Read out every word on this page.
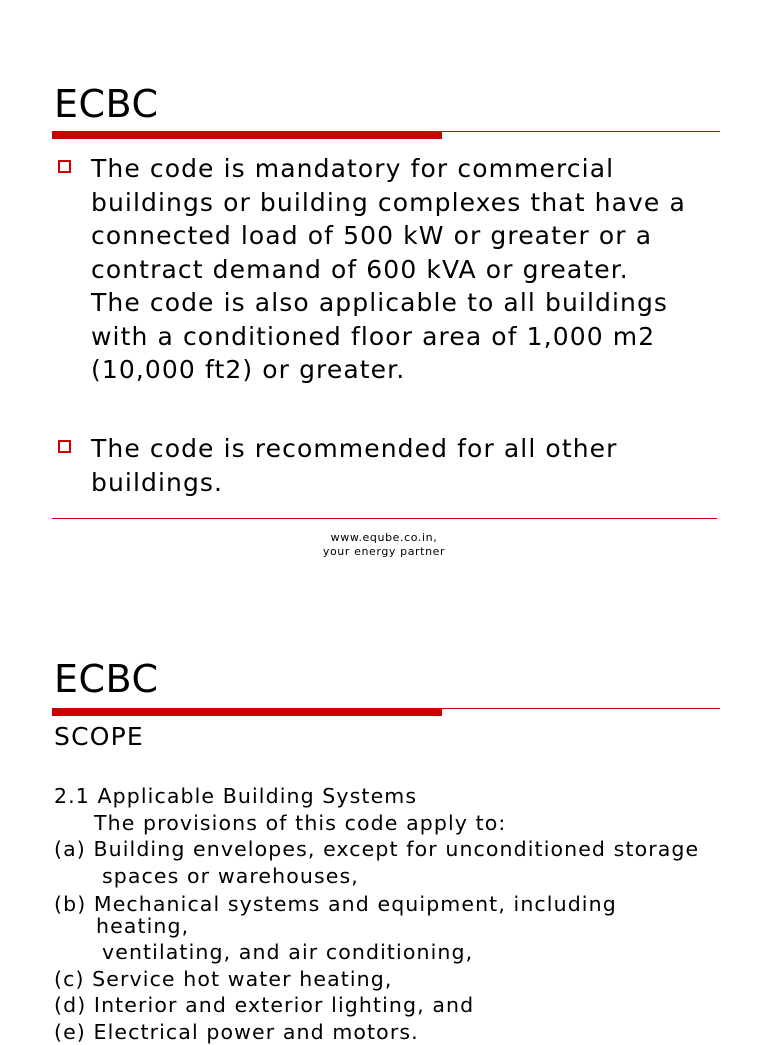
ECBC
The code is mandatory for commercial
buildings or building complexes that have a
connected load of 500 kW or greater or a
contract demand of 600 kVA or greater.
The code is also applicable to all buildings
with a conditioned floor area of 1,000 m2
(10,000 ft2) or greater.
The code is recommended for all other
buildings.
www.eqube.co.in,
your energy partner
ECBC
SCOPE
2.1 Applicable Building Systems
The provisions of this code apply to:
(a) Building envelopes, except for unconditioned storage
spaces or warehouses,
(b) Mechanical systems and equipment, including
heating,
ventilating, and air conditioning,
(c) Service hot water heating,
(d) Interior and exterior lighting, and
(e) Electrical power and motors.
